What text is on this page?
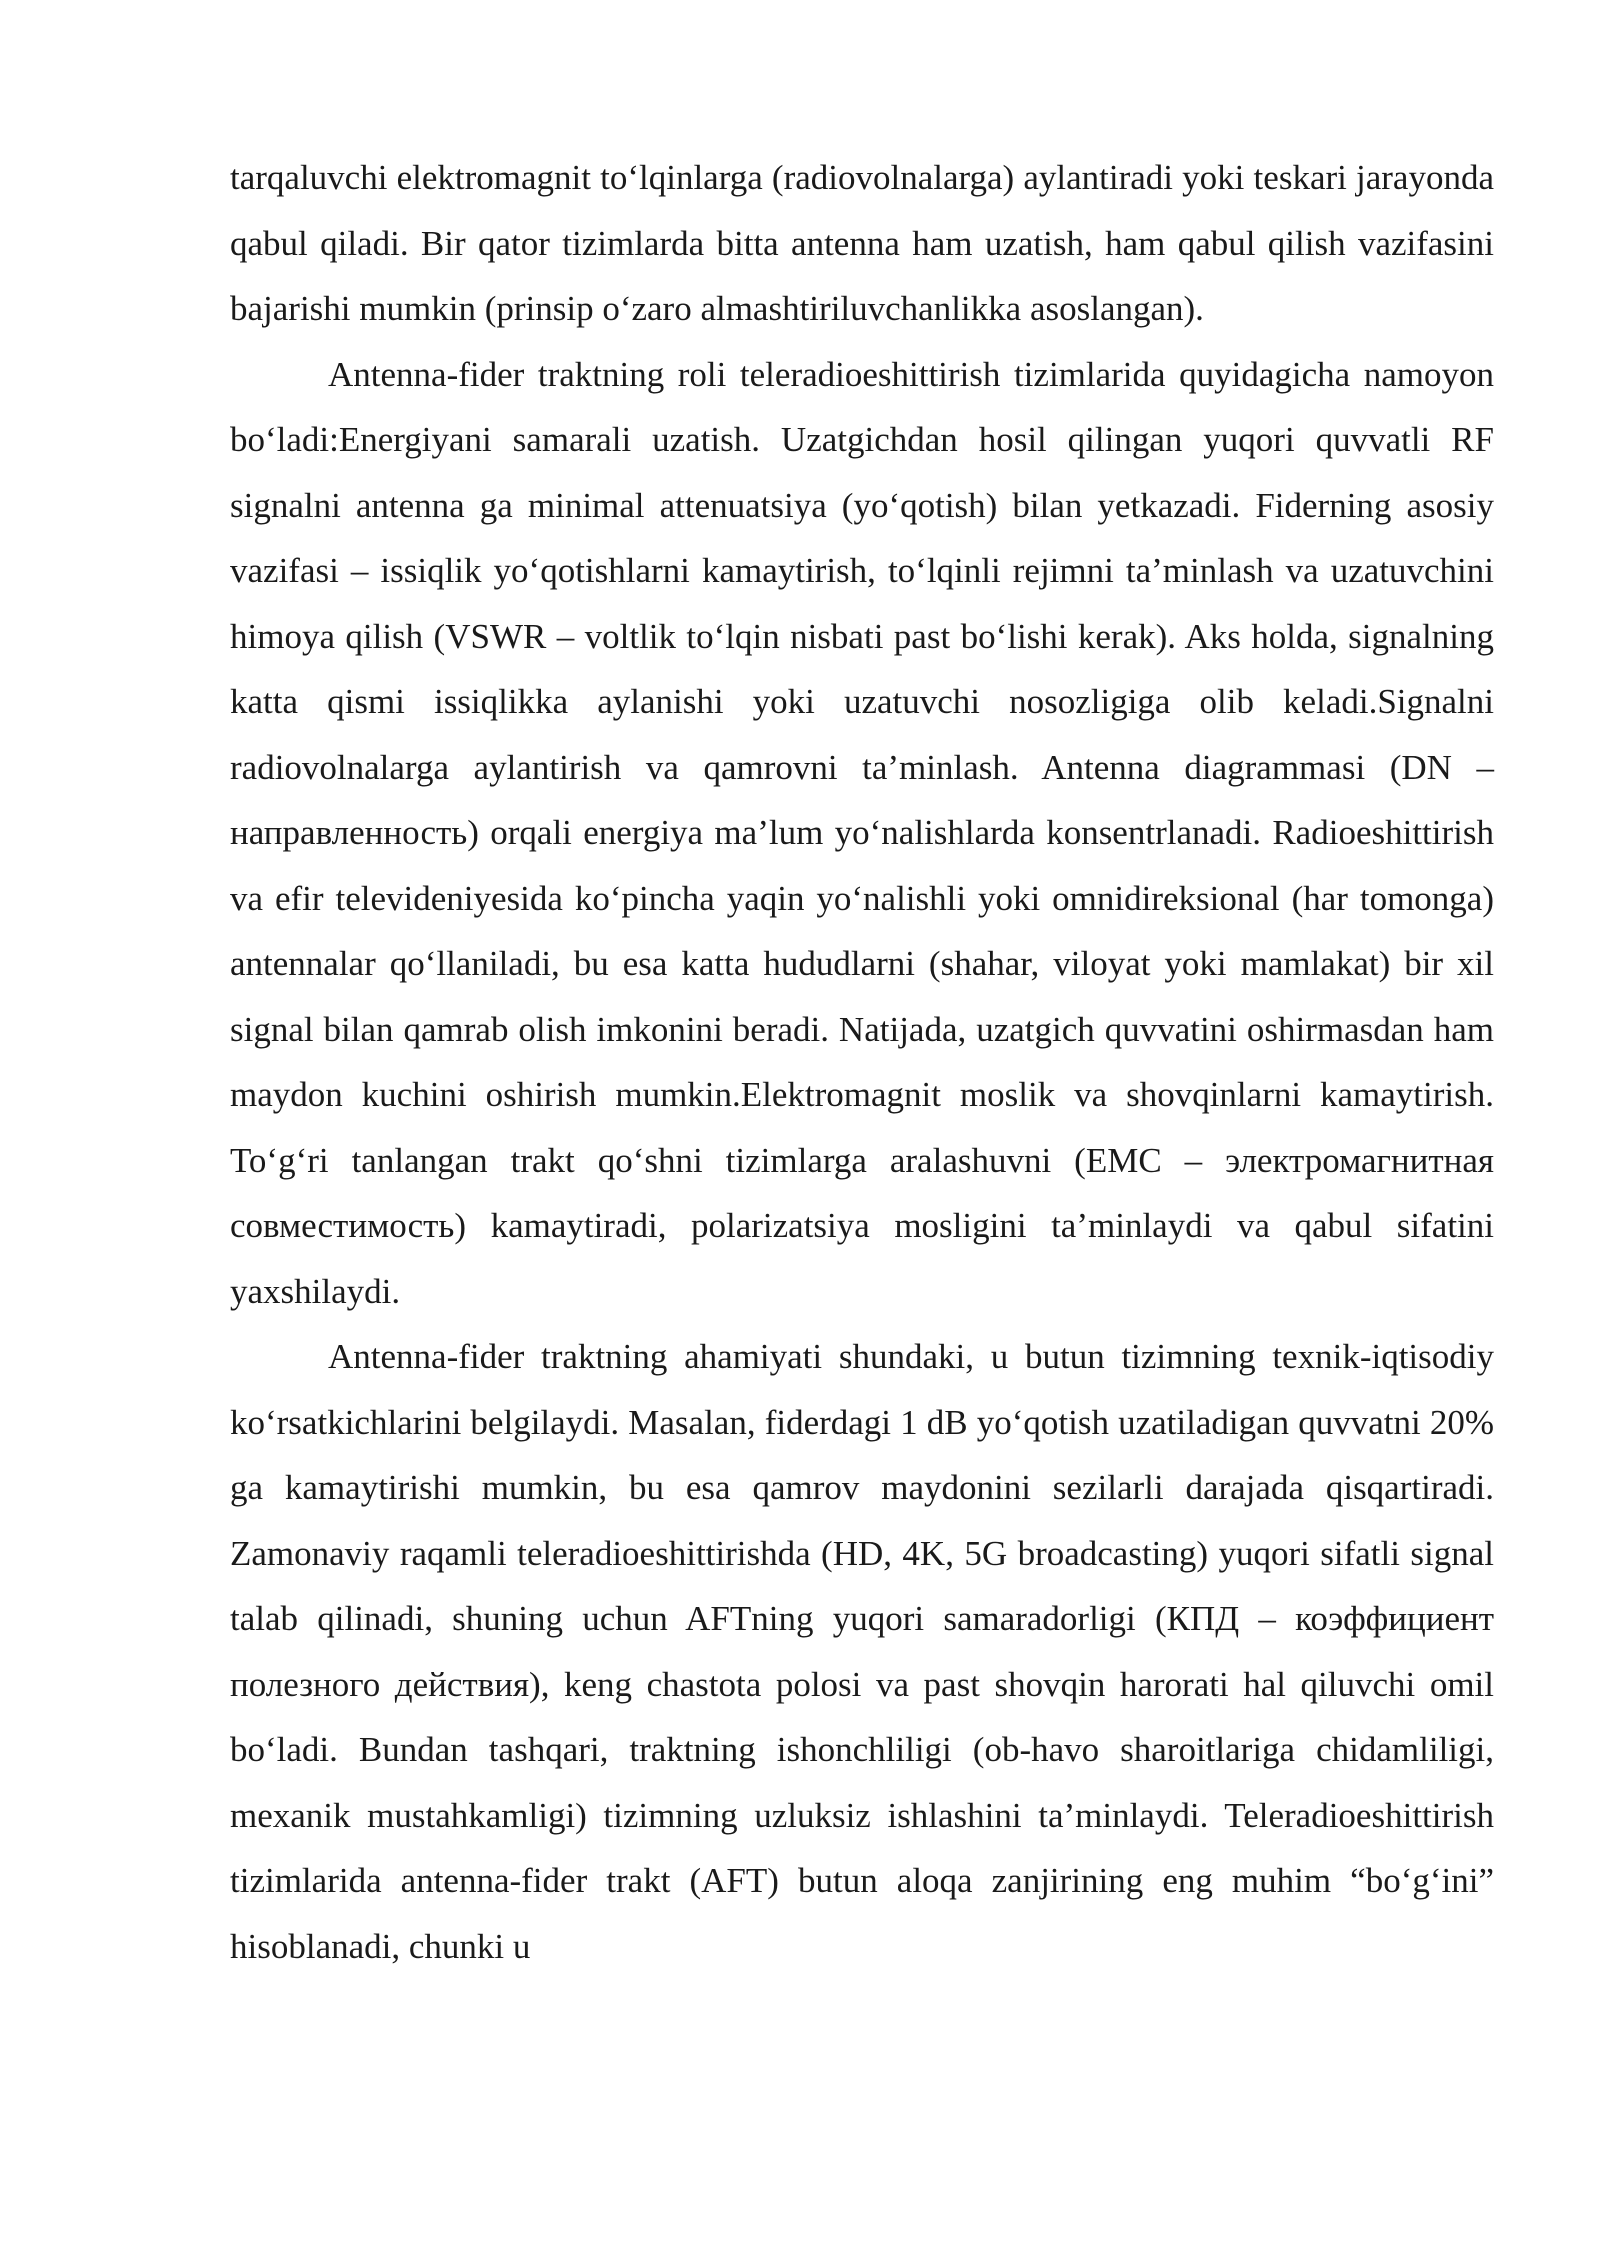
tarqaluvchi elektromagnit to‘lqinlarga (radiovolnalarga) aylantiradi yoki teskari jarayonda qabul qiladi. Bir qator tizimlarda bitta antenna ham uzatish, ham qabul qilish vazifasini bajarishi mumkin (prinsip o‘zaro almashtiriluvchanlikka asoslangan).

Antenna-fider traktning roli teleradioeshittirish tizimlarida quyidagicha namoyon bo‘ladi:Energiyani samarali uzatish. Uzatgichdan hosil qilingan yuqori quvvatli RF signalni antenna ga minimal attenuatsiya (yo‘qotish) bilan yetkazadi. Fiderning asosiy vazifasi – issiqlik yo‘qotishlarni kamaytirish, to‘lqinli rejimni ta’minlash va uzatuvchini himoya qilish (VSWR – voltlik to‘lqin nisbati past bo‘lishi kerak). Aks holda, signalning katta qismi issiqlikka aylanishi yoki uzatuvchi nosozligiga olib keladi.Signalni radiovolnalarga aylantirish va qamrovni ta’minlash. Antenna diagrammasi (DN – направленность) orqali energiya ma’lum yo‘nalishlarda konsentrlanadi. Radioeshittirish va efir televideniyesida ko‘pincha yaqin yo‘nalishli yoki omnidireksional (har tomonga) antennalar qo‘llaniladi, bu esa katta hududlarni (shahar, viloyat yoki mamlakat) bir xil signal bilan qamrab olish imkonini beradi. Natijada, uzatgich quvvatini oshirmasdan ham maydon kuchini oshirish mumkin.Elektromagnit moslik va shovqinlarni kamaytirish. To‘g‘ri tanlangan trakt qo‘shni tizimlarga aralashuvni (EMC – электромагнитная совместимость) kamaytiradi, polarizatsiya mosligini ta’minlaydi va qabul sifatini yaxshilaydi.

Antenna-fider traktning ahamiyati shundaki, u butun tizimning texnik-iqtisodiy ko‘rsatkichlarini belgilaydi. Masalan, fiderdagi 1 dB yo‘qotish uzatiladigan quvvatni 20% ga kamaytirishi mumkin, bu esa qamrov maydonini sezilarli darajada qisqartiradi. Zamonaviy raqamli teleradioeshittirishda (HD, 4K, 5G broadcasting) yuqori sifatli signal talab qilinadi, shuning uchun AFTning yuqori samaradorligi (КПД – коэффициент полезного действия), keng chastota polosi va past shovqin harorati hal qiluvchi omil bo‘ladi. Bundan tashqari, traktning ishonchliligi (ob-havo sharoitlariga chidamliligi, mexanik mustahkamligi) tizimning uzluksiz ishlashini ta’minlaydi. Teleradioeshittirish tizimlarida antenna-fider trakt (AFT) butun aloqa zanjirining eng muhim “bo‘g‘ini” hisoblanadi, chunki u
